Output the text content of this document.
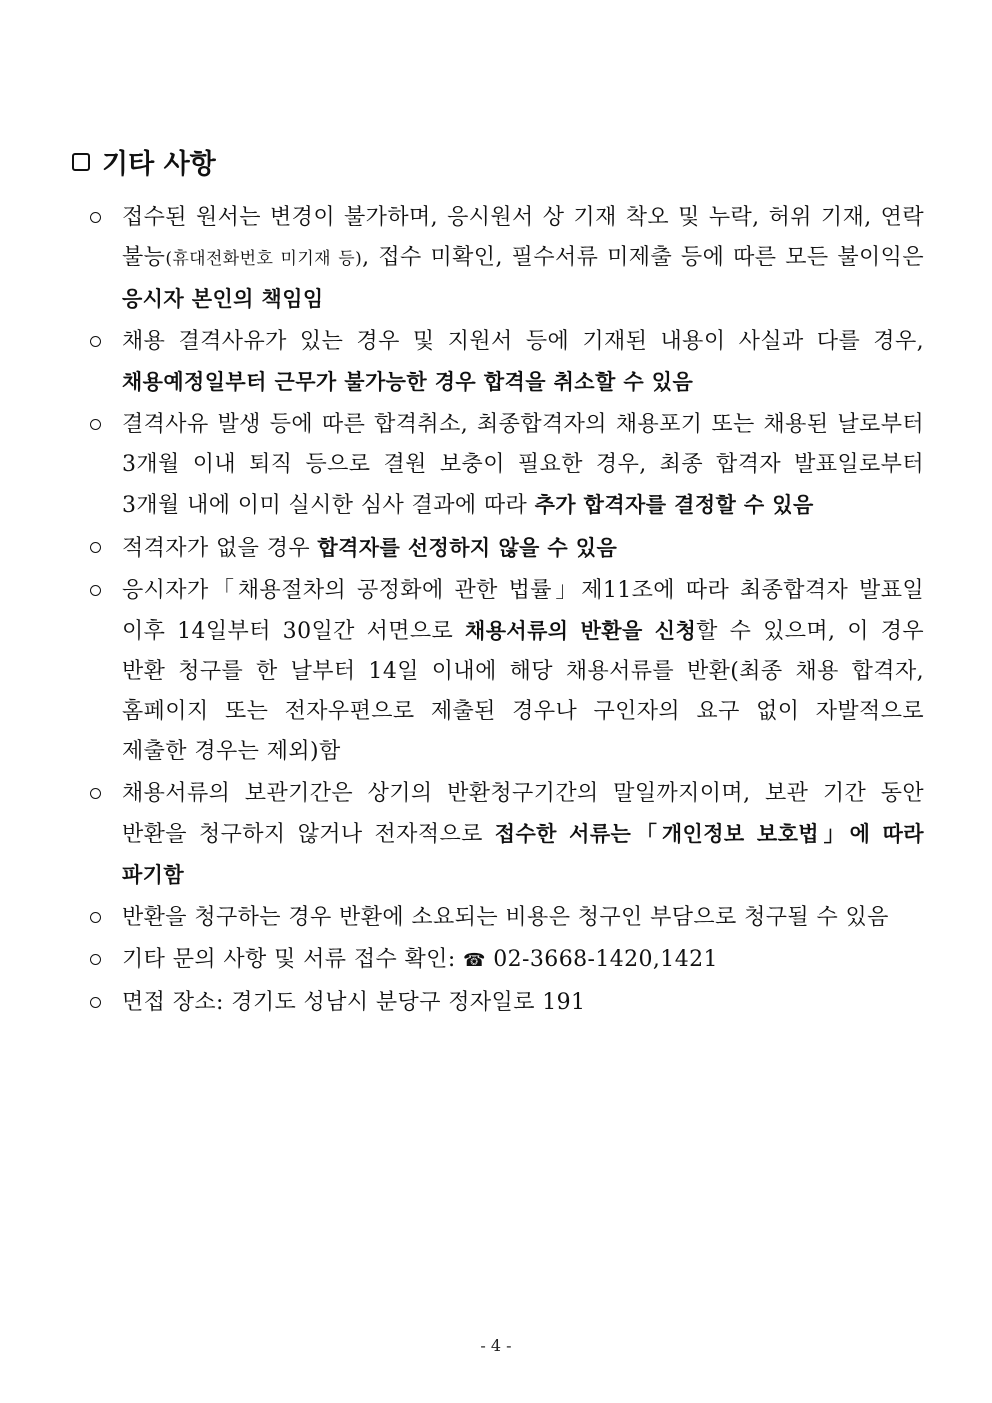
기타 사항
접수된 원서는 변경이 불가하며, 응시원서 상 기재 착오 및 누락, 허위 기재, 연락 불능(휴대전화번호 미기재 등), 접수 미확인, 필수서류 미제출 등에 따른 모든 불이익은 응시자 본인의 책임임
채용 결격사유가 있는 경우 및 지원서 등에 기재된 내용이 사실과 다를 경우, 채용예정일부터 근무가 불가능한 경우 합격을 취소할 수 있음
결격사유 발생 등에 따른 합격취소, 최종합격자의 채용포기 또는 채용된 날로부터 3개월 이내 퇴직 등으로 결원 보충이 필요한 경우, 최종 합격자 발표일로부터 3개월 내에 이미 실시한 심사 결과에 따라 추가 합격자를 결정할 수 있음
적격자가 없을 경우 합격자를 선정하지 않을 수 있음
응시자가「채용절차의 공정화에 관한 법률」제11조에 따라 최종합격자 발표일 이후 14일부터 30일간 서면으로 채용서류의 반환을 신청할 수 있으며, 이 경우 반환 청구를 한 날부터 14일 이내에 해당 채용서류를 반환(최종 채용 합격자, 홈페이지 또는 전자우편으로 제출된 경우나 구인자의 요구 없이 자발적으로 제출한 경우는 제외)함
채용서류의 보관기간은 상기의 반환청구기간의 말일까지이며, 보관 기간 동안 반환을 청구하지 않거나 전자적으로 접수한 서류는「개인정보 보호법」에 따라 파기함
반환을 청구하는 경우 반환에 소요되는 비용은 청구인 부담으로 청구될 수 있음
기타 문의 사항 및 서류 접수 확인: ☎ 02-3668-1420,1421
면접 장소: 경기도 성남시 분당구 정자일로 191
- 4 -
